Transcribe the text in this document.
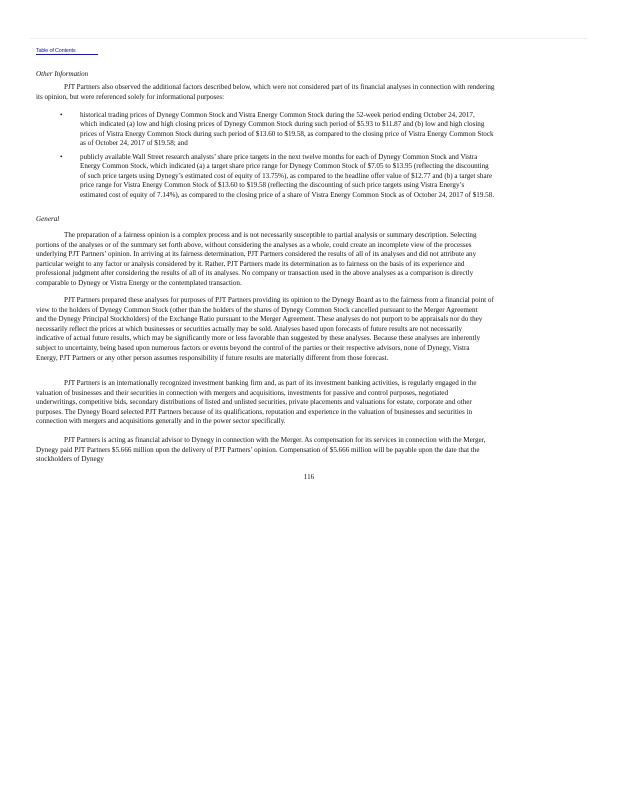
Table of Contents
Other Information
PJT Partners also observed the additional factors described below, which were not considered part of its financial analyses in connection with rendering
its opinion, but were referenced solely for informational purposes:
• historical trading prices of Dynegy Common Stock and Vistra Energy Common Stock during the 52-week period ending October 24, 2017,
which indicated (a) low and high closing prices of Dynegy Common Stock during such period of $5.93 to $11.87 and (b) low and high closing
prices of Vistra Energy Common Stock during such period of $13.60 to $19.58, as compared to the closing price of Vistra Energy Common Stock
as of October 24, 2017 of $19.58; and
• publicly available Wall Street research analysts’ share price targets in the next twelve months for each of Dynegy Common Stock and Vistra
Energy Common Stock, which indicated (a) a target share price range for Dynegy Common Stock of $7.05 to $13.95 (reflecting the discounting
of such price targets using Dynegy’s estimated cost of equity of 13.75%), as compared to the headline offer value of $12.77 and (b) a target share
price range for Vistra Energy Common Stock of $13.60 to $19.58 (reflecting the discounting of such price targets using Vistra Energy’s
estimated cost of equity of 7.14%), as compared to the closing price of a share of Vistra Energy Common Stock as of October 24, 2017 of $19.58.
General
The preparation of a fairness opinion is a complex process and is not necessarily susceptible to partial analysis or summary description. Selecting
portions of the analyses or of the summary set forth above, without considering the analyses as a whole, could create an incomplete view of the processes
underlying PJT Partners’ opinion. In arriving at its fairness determination, PJT Partners considered the results of all of its analyses and did not attribute any
particular weight to any factor or analysis considered by it. Rather, PJT Partners made its determination as to fairness on the basis of its experience and
professional judgment after considering the results of all of its analyses. No company or transaction used in the above analyses as a comparison is directly
comparable to Dynegy or Vistra Energy or the contemplated transaction.
PJT Partners prepared these analyses for purposes of PJT Partners providing its opinion to the Dynegy Board as to the fairness from a financial point of
view to the holders of Dynegy Common Stock (other than the holders of the shares of Dynegy Common Stock cancelled pursuant to the Merger Agreement
and the Dynegy Principal Stockholders) of the Exchange Ratio pursuant to the Merger Agreement. These analyses do not purport to be appraisals nor do they
necessarily reflect the prices at which businesses or securities actually may be sold. Analyses based upon forecasts of future results are not necessarily
indicative of actual future results, which may be significantly more or less favorable than suggested by these analyses. Because these analyses are inherently
subject to uncertainty, being based upon numerous factors or events beyond the control of the parties or their respective advisors, none of Dynegy, Vistra
Energy, PJT Partners or any other person assumes responsibility if future results are materially different from those forecast.
PJT Partners is an internationally recognized investment banking firm and, as part of its investment banking activities, is regularly engaged in the
valuation of businesses and their securities in connection with mergers and acquisitions, investments for passive and control purposes, negotiated
underwritings, competitive bids, secondary distributions of listed and unlisted securities, private placements and valuations for estate, corporate and other
purposes. The Dynegy Board selected PJT Partners because of its qualifications, reputation and experience in the valuation of businesses and securities in
connection with mergers and acquisitions generally and in the power sector specifically.
PJT Partners is acting as financial advisor to Dynegy in connection with the Merger. As compensation for its services in connection with the Merger,
Dynegy paid PJT Partners $5.666 million upon the delivery of PJT Partners’ opinion. Compensation of $5.666 million will be payable upon the date that the
stockholders of Dynegy
116
